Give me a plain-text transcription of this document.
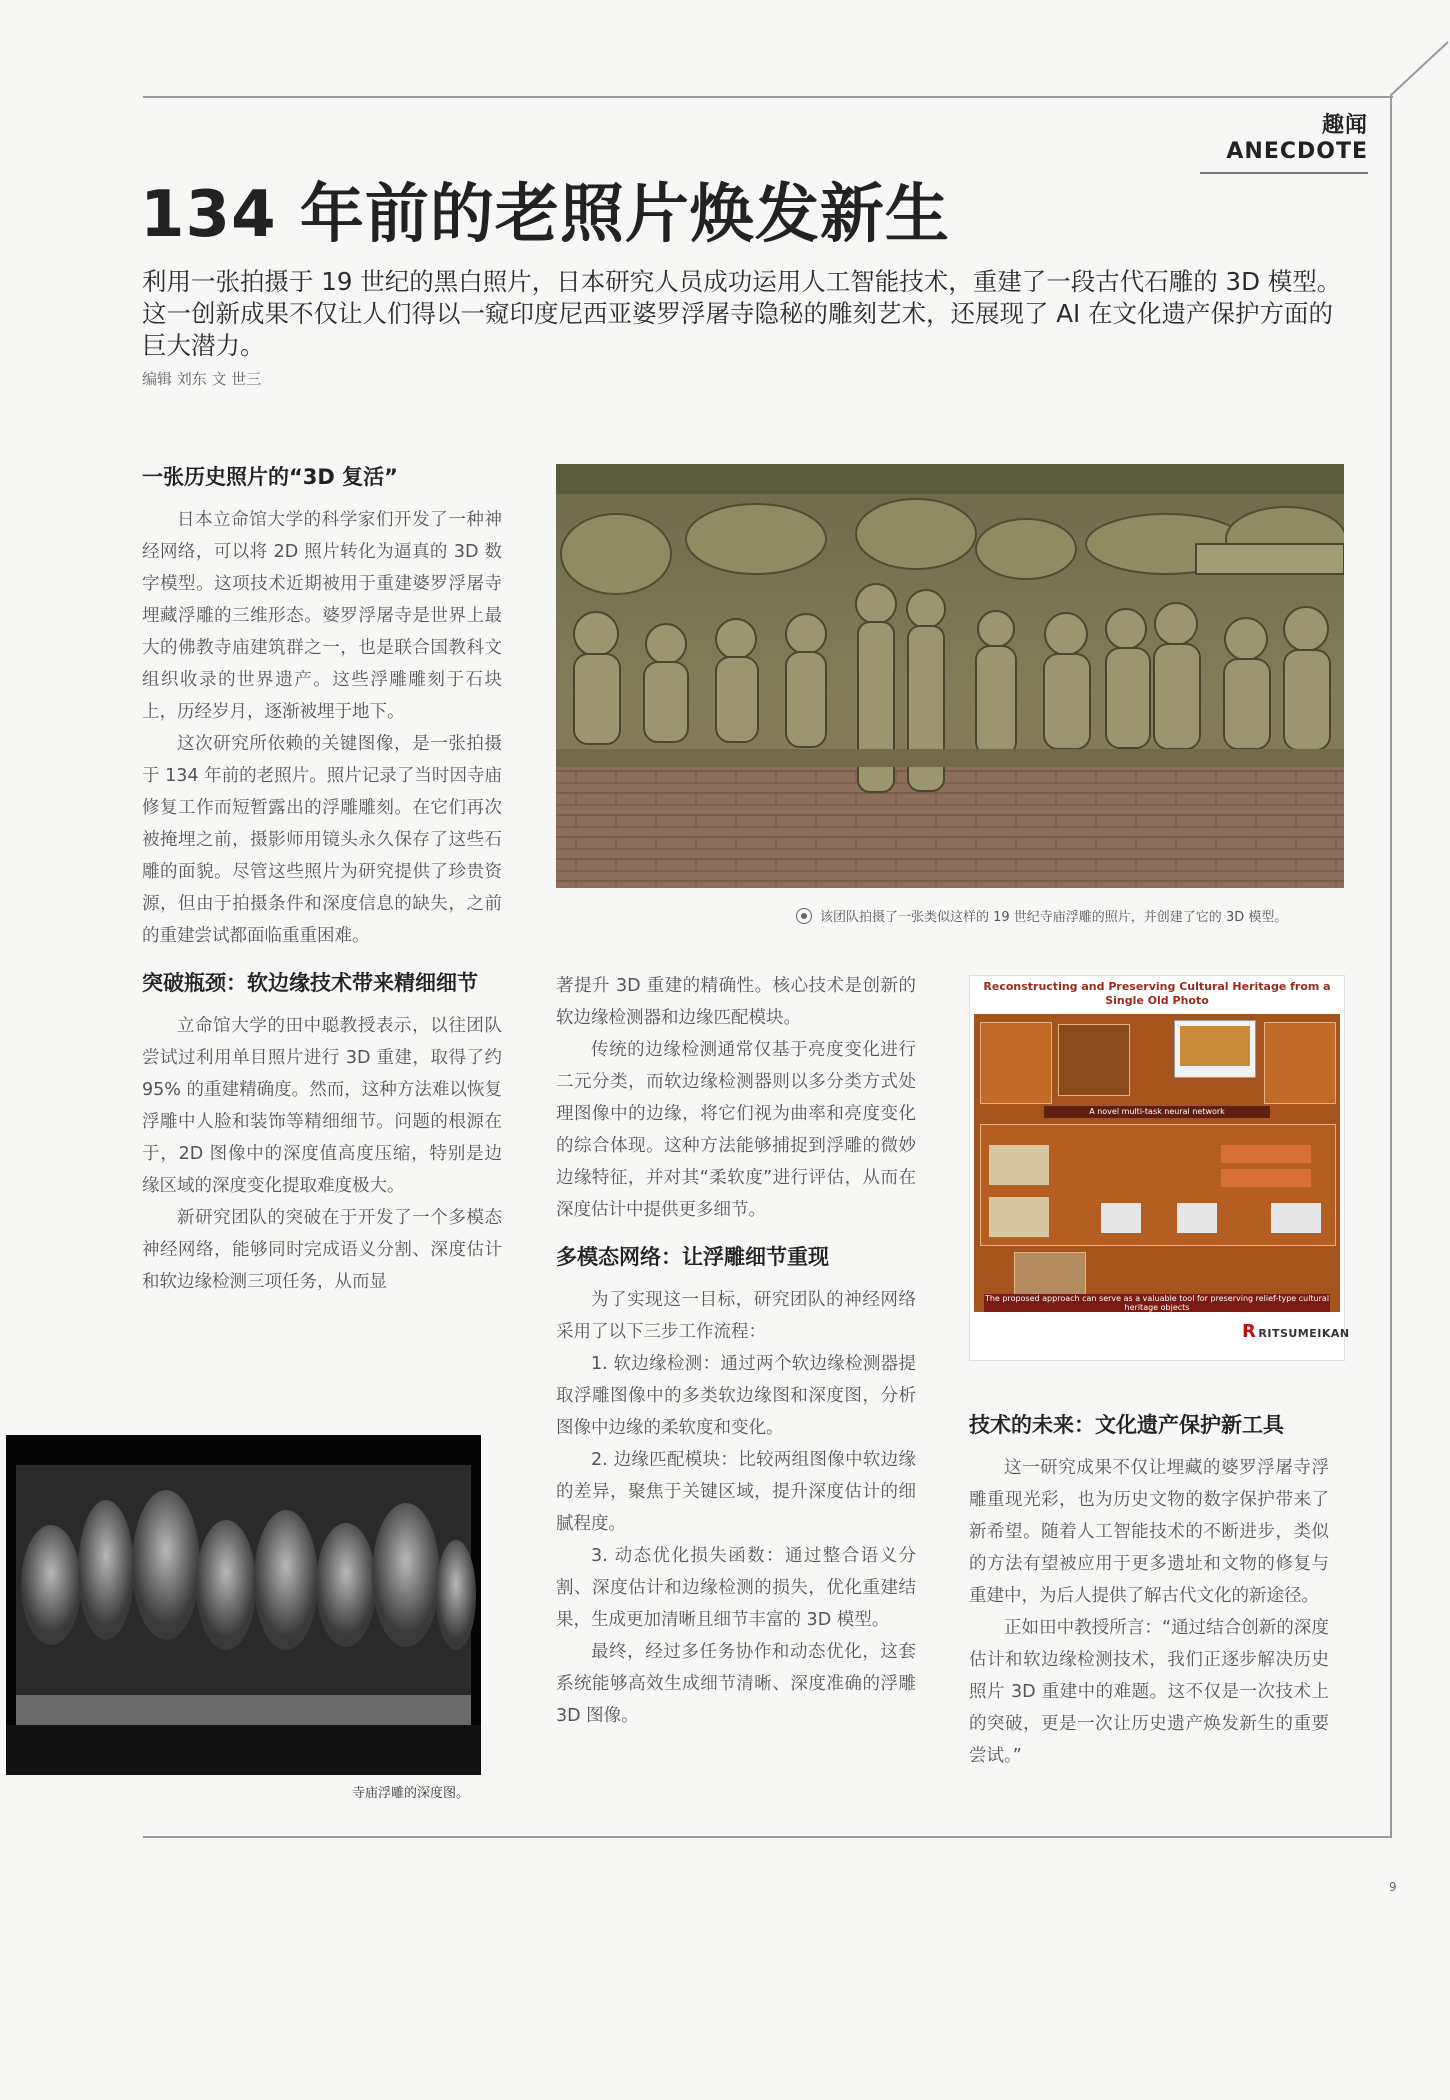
趣闻 ANECDOTE
134 年前的老照片焕发新生
利用一张拍摄于 19 世纪的黑白照片，日本研究人员成功运用人工智能技术，重建了一段古代石雕的 3D 模型。这一创新成果不仅让人们得以一窥印度尼西亚婆罗浮屠寺隐秘的雕刻艺术，还展现了 AI 在文化遗产保护方面的巨大潜力。
编辑 刘东 文 世三
一张历史照片的“3D 复活”

日本立命馆大学的科学家们开发了一种神经网络，可以将 2D 照片转化为逼真的 3D 数字模型。这项技术近期被用于重建婆罗浮屠寺埋藏浮雕的三维形态。婆罗浮屠寺是世界上最大的佛教寺庙建筑群之一，也是联合国教科文组织收录的世界遗产。这些浮雕雕刻于石块上，历经岁月，逐渐被埋于地下。

这次研究所依赖的关键图像，是一张拍摄于 134 年前的老照片。照片记录了当时因寺庙修复工作而短暂露出的浮雕雕刻。在它们再次被掩埋之前，摄影师用镜头永久保存了这些石雕的面貌。尽管这些照片为研究提供了珍贵资源，但由于拍摄条件和深度信息的缺失，之前的重建尝试都面临重重困难。

突破瓶颈：软边缘技术带来精细细节

立命馆大学的田中聪教授表示，以往团队尝试过利用单目照片进行 3D 重建，取得了约 95% 的重建精确度。然而，这种方法难以恢复浮雕中人脸和装饰等精细细节。问题的根源在于，2D 图像中的深度值高度压缩，特别是边缘区域的深度变化提取难度极大。

新研究团队的突破在于开发了一个多模态神经网络，能够同时完成语义分割、深度估计和软边缘检测三项任务，从而显

该团队拍摄了一张类似这样的 19 世纪寺庙浮雕的照片，并创建了它的 3D 模型。

著提升 3D 重建的精确性。核心技术是创新的软边缘检测器和边缘匹配模块。

传统的边缘检测通常仅基于亮度变化进行二元分类，而软边缘检测器则以多分类方式处理图像中的边缘，将它们视为曲率和亮度变化的综合体现。这种方法能够捕捉到浮雕的微妙边缘特征，并对其“柔软度”进行评估，从而在深度估计中提供更多细节。

多模态网络：让浮雕细节重现

为了实现这一目标，研究团队的神经网络采用了以下三步工作流程：

1. 软边缘检测：通过两个软边缘检测器提取浮雕图像中的多类软边缘图和深度图，分析图像中边缘的柔软度和变化。

2. 边缘匹配模块：比较两组图像中软边缘的差异，聚焦于关键区域，提升深度估计的细腻程度。

3. 动态优化损失函数：通过整合语义分割、深度估计和边缘检测的损失，优化重建结果，生成更加清晰且细节丰富的 3D 模型。

最终，经过多任务协作和动态优化，这套系统能够高效生成细节清晰、深度准确的浮雕 3D 图像。

Reconstructing and Preserving Cultural Heritage from a Single Old Photo
A novel multi-task neural network
The proposed approach can serve as a valuable tool for preserving relief-type cultural heritage objects
RRITSUMEIKAN
技术的未来：文化遗产保护新工具

这一研究成果不仅让埋藏的婆罗浮屠寺浮雕重现光彩，也为历史文物的数字保护带来了新希望。随着人工智能技术的不断进步，类似的方法有望被应用于更多遗址和文物的修复与重建中，为后人提供了解古代文化的新途径。

正如田中教授所言：“通过结合创新的深度估计和软边缘检测技术，我们正逐步解决历史照片 3D 重建中的难题。这不仅是一次技术上的突破，更是一次让历史遗产焕发新生的重要尝试。”

寺庙浮雕的深度图。
9
